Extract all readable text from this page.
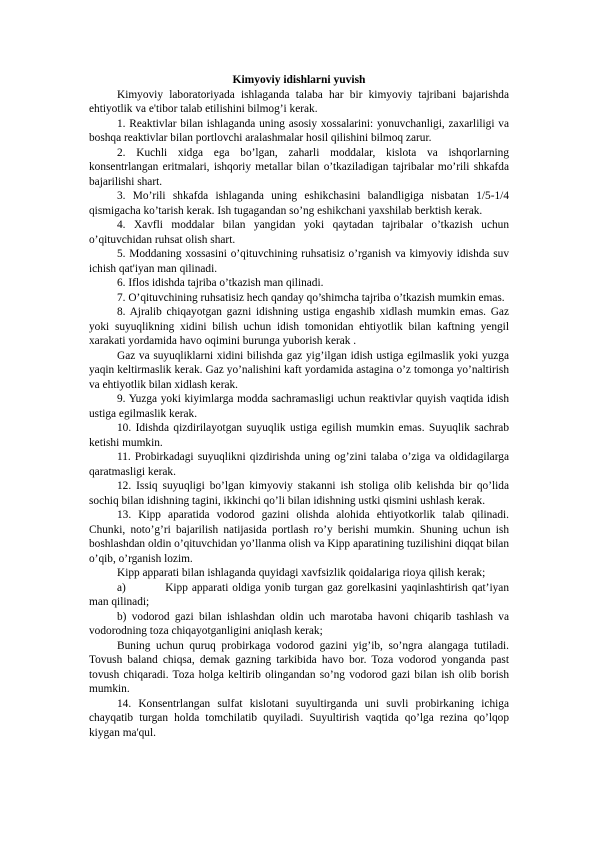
Kimyoviy idishlarni yuvish

Kimyoviy laboratoriyada ishlaganda talaba har bir kimyoviy tajribani bajarishda ehtiyotlik va e'tibor talab etilishini bilmog’i kerak.

1. Reaktivlar bilan ishlaganda uning asosiy xossalarini: yonuvchanligi, zaxarliligi va boshqa reaktivlar bilan portlovchi aralashmalar hosil qilishini bilmoq zarur.

2. Kuchli xidga ega bo’lgan, zaharli moddalar, kislota va ishqorlarning konsentrlangan eritmalari, ishqoriy metallar bilan o’tkaziladigan tajribalar mo’rili shkafda bajarilishi shart.

3. Mo’rili shkafda ishlaganda uning eshikchasini balandligiga nisbatan 1/5-1/4 qismigacha ko’tarish kerak. Ish tugagandan so’ng eshikchani yaxshilab berktish kerak.

4. Xavfli moddalar bilan yangidan yoki qaytadan tajribalar o’tkazish uchun o’qituvchidan ruhsat olish shart.

5. Moddaning xossasini o’qituvchining ruhsatisiz o’rganish va kimyoviy idishda suv ichish qat'iyan man qilinadi.

6. Iflos idishda tajriba o’tkazish man qilinadi.

7. O’qituvchining ruhsatisiz hech qanday qo’shimcha tajriba o’tkazish mumkin emas.

8. Ajralib chiqayotgan gazni idishning ustiga engashib xidlash mumkin emas. Gaz yoki suyuqlikning xidini bilish uchun idish tomonidan ehtiyotlik bilan kaftning yengil xarakati yordamida havo oqimini burunga yuborish kerak .

Gaz va suyuqliklarni xidini bilishda gaz yig’ilgan idish ustiga egilmaslik yoki yuzga yaqin keltirmaslik kerak. Gaz yo’nalishini kaft yordamida astagina o’z tomonga yo’naltirish va ehtiyotlik bilan xidlash kerak.

9. Yuzga yoki kiyimlarga modda sachramasligi uchun reaktivlar quyish vaqtida idish ustiga egilmaslik kerak.

10. Idishda qizdirilayotgan suyuqlik ustiga egilish mumkin emas. Suyuqlik sachrab ketishi mumkin.

11. Probirkadagi suyuqlikni qizdirishda uning og’zini talaba o’ziga va oldidagilarga qaratmasligi kerak.

12. Issiq suyuqligi bo’lgan kimyoviy stakanni ish stoliga olib kelishda bir qo’lida sochiq bilan idishning tagini, ikkinchi qo’li bilan idishning ustki qismini ushlash kerak.

13. Kipp aparatida vodorod gazini olishda alohida ehtiyotkorlik talab qilinadi. Chunki, noto’g’ri bajarilish natijasida portlash ro’y berishi mumkin. Shuning uchun ish boshlashdan oldin o’qituvchidan yo’llanma olish va Kipp aparatining tuzilishini diqqat bilan o’qib, o’rganish lozim.

Kipp apparati bilan ishlaganda quyidagi xavfsizlik qoidalariga rioya qilish kerak;

a)          Kipp apparati oldiga yonib turgan gaz gorelkasini yaqinlashtirish qat’iyan man qilinadi;

b) vodorod gazi bilan ishlashdan oldin uch marotaba havoni chiqarib tashlash va vodorodning toza chiqayotganligini aniqlash kerak;

Buning uchun quruq probirkaga vodorod gazini yig’ib, so’ngra alangaga tutiladi. Tovush baland chiqsa, demak gazning tarkibida havo bor. Toza vodorod yonganda past tovush chiqaradi. Toza holga keltirib olingandan so’ng vodorod gazi bilan ish olib borish mumkin.

14. Konsentrlangan sulfat kislotani suyultirganda uni suvli probirkaning ichiga chayqatib turgan holda tomchilatib quyiladi. Suyultirish vaqtida qo’lga rezina qo’lqop kiygan ma'qul.
